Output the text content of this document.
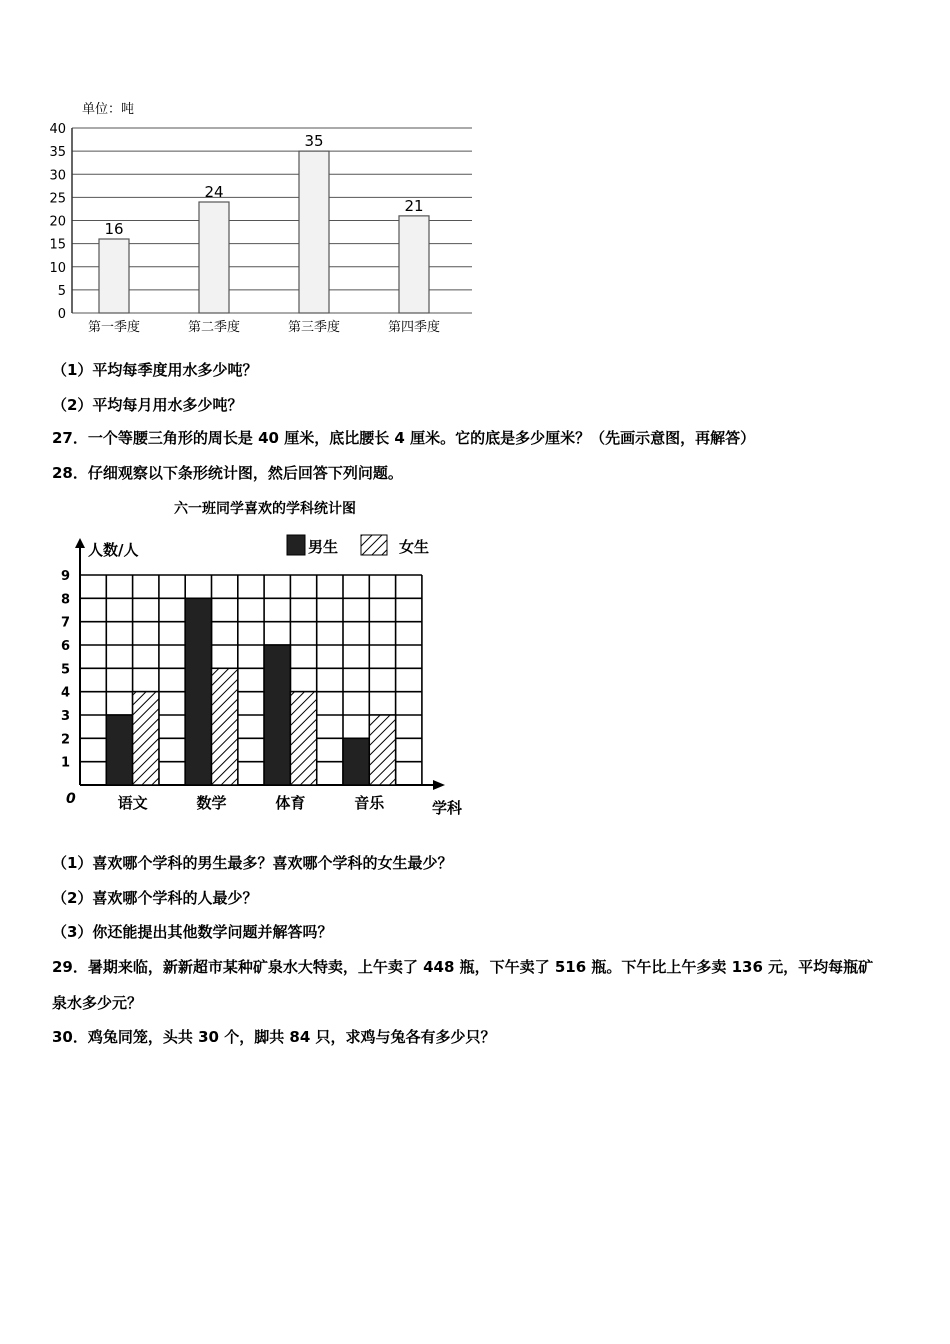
单位：吨
0
5
10
15
20
25
30
35
40
16
第一季度
24
第二季度
35
第三季度
21
第四季度
（1）平均每季度用水多少吨？
（2）平均每月用水多少吨？
27．一个等腰三角形的周长是 40 厘米，底比腰长 4 厘米。它的底是多少厘米？（先画示意图，再解答）
28．仔细观察以下条形统计图，然后回答下列问题。
六一班同学喜欢的学科统计图
1
2
3
4
5
6
7
8
9
语文	数学	体育	音乐
男生	女生
人数/人
学科
0
（1）喜欢哪个学科的男生最多？喜欢哪个学科的女生最少？
（2）喜欢哪个学科的人最少？
（3）你还能提出其他数学问题并解答吗？
29．暑期来临，新新超市某种矿泉水大特卖，上午卖了 448 瓶，下午卖了 516 瓶。下午比上午多卖 136 元，平均每瓶矿
泉水多少元？
30．鸡兔同笼，头共 30 个，脚共 84 只，求鸡与兔各有多少只？
